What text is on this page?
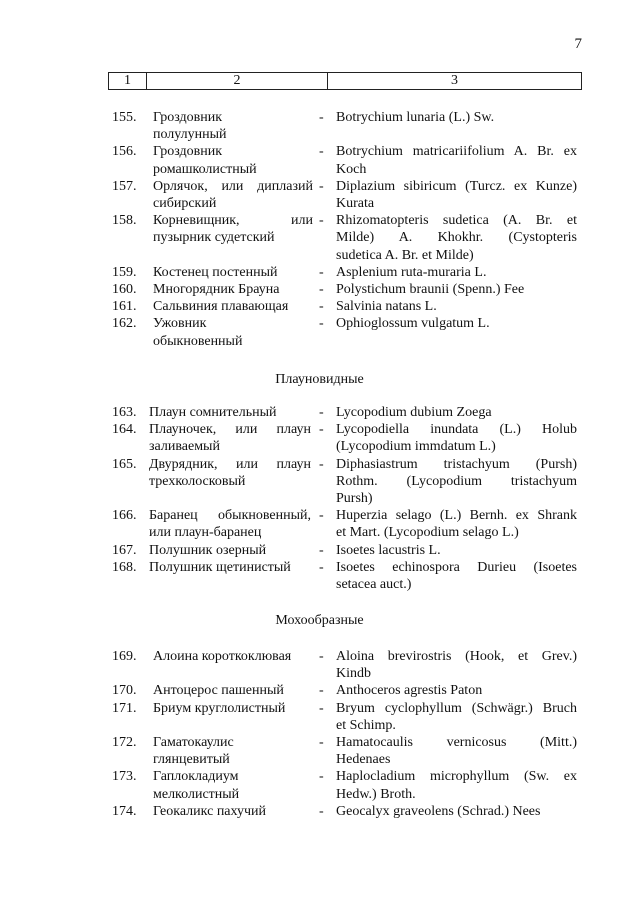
7
1	2	3
155.	Гроздовник
полулунный
- Botrychium lunaria (L.) Sw.
156.	Гроздовник
ромашколистный
- Botrychium matricariifolium A. Br. ex
Koch
157.	Орлячок, или диплазий
сибирский
- Diplazium sibiricum (Turcz. ex Kunze)
Kurata
158.	Корневищник, или
пузырник судетский
- Rhizomatopteris sudetica (A. Br. et
Milde) A. Khokhr. (Cystopteris
sudetica A. Br. et Milde)
159.	Костенец постенный	- Asplenium ruta-muraria L.
160.	Многорядник Брауна	- Polystichum braunii (Spenn.) Fee
161.	Сальвиния плавающая	- Salvinia natans L.
162.	Ужовник
обыкновенный
- Ophioglossum vulgatum L.
Плауновидные
163. Плаун сомнительный	- Lycopodium dubium Zoega
164. Плауночек, или плаун
заливаемый
- Lycopodiella inundata (L.) Holub
(Lycopodium immdatum L.)
165. Двурядник, или плаун
трехколосковый
- Diphasiastrum tristachyum (Pursh)
Rothm. (Lycopodium tristachyum
Pursh)
166. Баранец обыкновенный,
или плаун-баранец
- Huperzia selago (L.) Bernh. ex Shrank
et Mart. (Lycopodium selago L.)
167. Полушник озерный	- Isoetes lacustris L.
168. Полушник щетинистый	- Isoetes echinospora Durieu (Isoetes
setacea auct.)
Мохообразные
169.	Алоина короткоклювая	- Aloina brevirostris (Hook, et Grev.)
Kindb
170.	Антоцерос пашенный	- Anthoceros agrestis Paton
171.	Бриум круглолистный	- Bryum cyclophyllum (Schwägr.) Bruch
et Schimp.
172.	Гаматокаулис
глянцевитый
- Hamatocaulis vernicosus (Mitt.)
Hedenaes
173.	Гаплокладиум
мелколистный
- Haplocladium microphyllum (Sw. ex
Hedw.) Broth.
174.	Геокаликс пахучий	- Geocalyx graveolens (Schrad.) Nees
